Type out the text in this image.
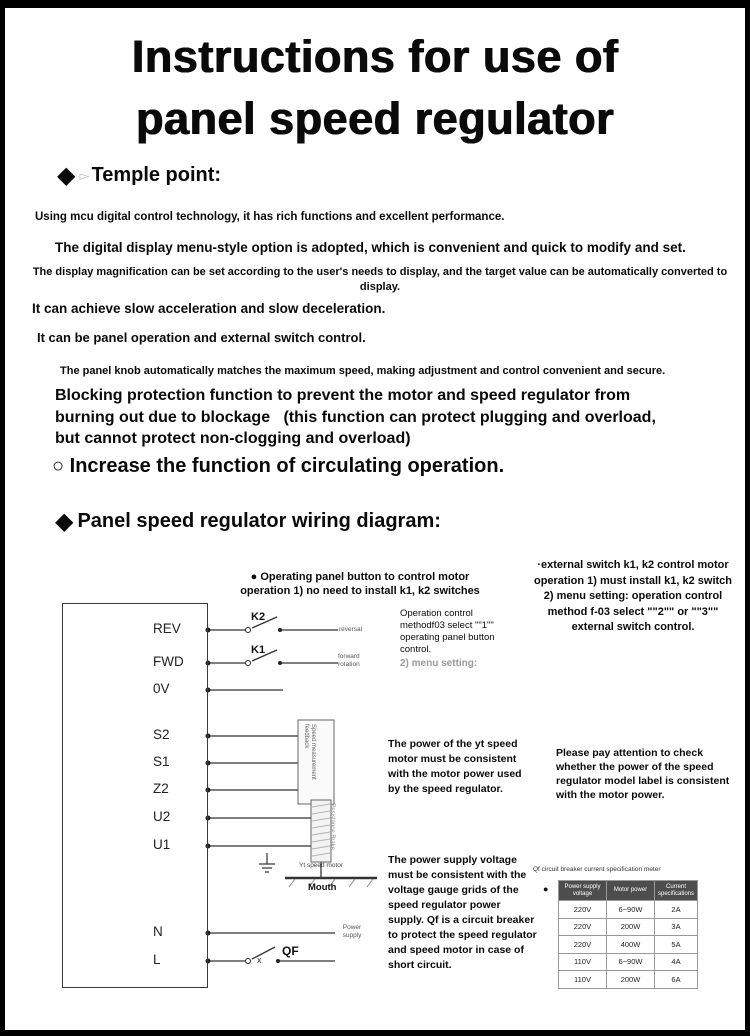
Instructions for use of
panel speed regulator
◆ ▻ Temple point:
Using mcu digital control technology, it has rich functions and excellent performance.
The digital display menu-style option is adopted, which is convenient and quick to modify and set.
The display magnification can be set according to the user's needs to display, and the target value can be automatically converted to display.
It can achieve slow acceleration and slow deceleration.
It can be panel operation and external switch control.
The panel knob automatically matches the maximum speed, making adjustment and control convenient and secure.
Blocking protection function to prevent the motor and speed regulator from burning out due to blockage   (this function can protect plugging and overload, but cannot protect non-clogging and overload)
○ Increase the function of circulating operation.
◆ Panel speed regulator wiring diagram:
REV
FWD
0V
S2
S1
Z2
U2
U1
N
L
K2
K1
QF
x
reversal
forward rotation
Speed measurement feedback
Resistance Brake
Yt speed motor
Mouth
Power supply
● Operating panel button to control motor operation 1) no need to install k1, k2 switches
Operation control methodf03 select ""1"" operating panel button control.
2) menu setting:
·external switch k1, k2 control motor operation 1) must install k1, k2 switch 2) menu setting: operation control method f-03 select ""2"" or ""3"" external switch control.
The power of the yt speed motor must be consistent with the motor power used by the speed regulator.
Please pay attention to check whether the power of the speed regulator model label is consistent with the motor power.
The power supply voltage must be consistent with the voltage gauge grids of the speed regulator power supply. Qf is a circuit breaker to protect the speed regulator and speed motor in case of short circuit.
Qf circuit breaker current specification meter
●	Power supply voltage	Motor power	Current specifications
220V	6~90W	2A
220V	200W	3A
220V	400W	5A
110V	6~90W	4A
110V	200W	6A
